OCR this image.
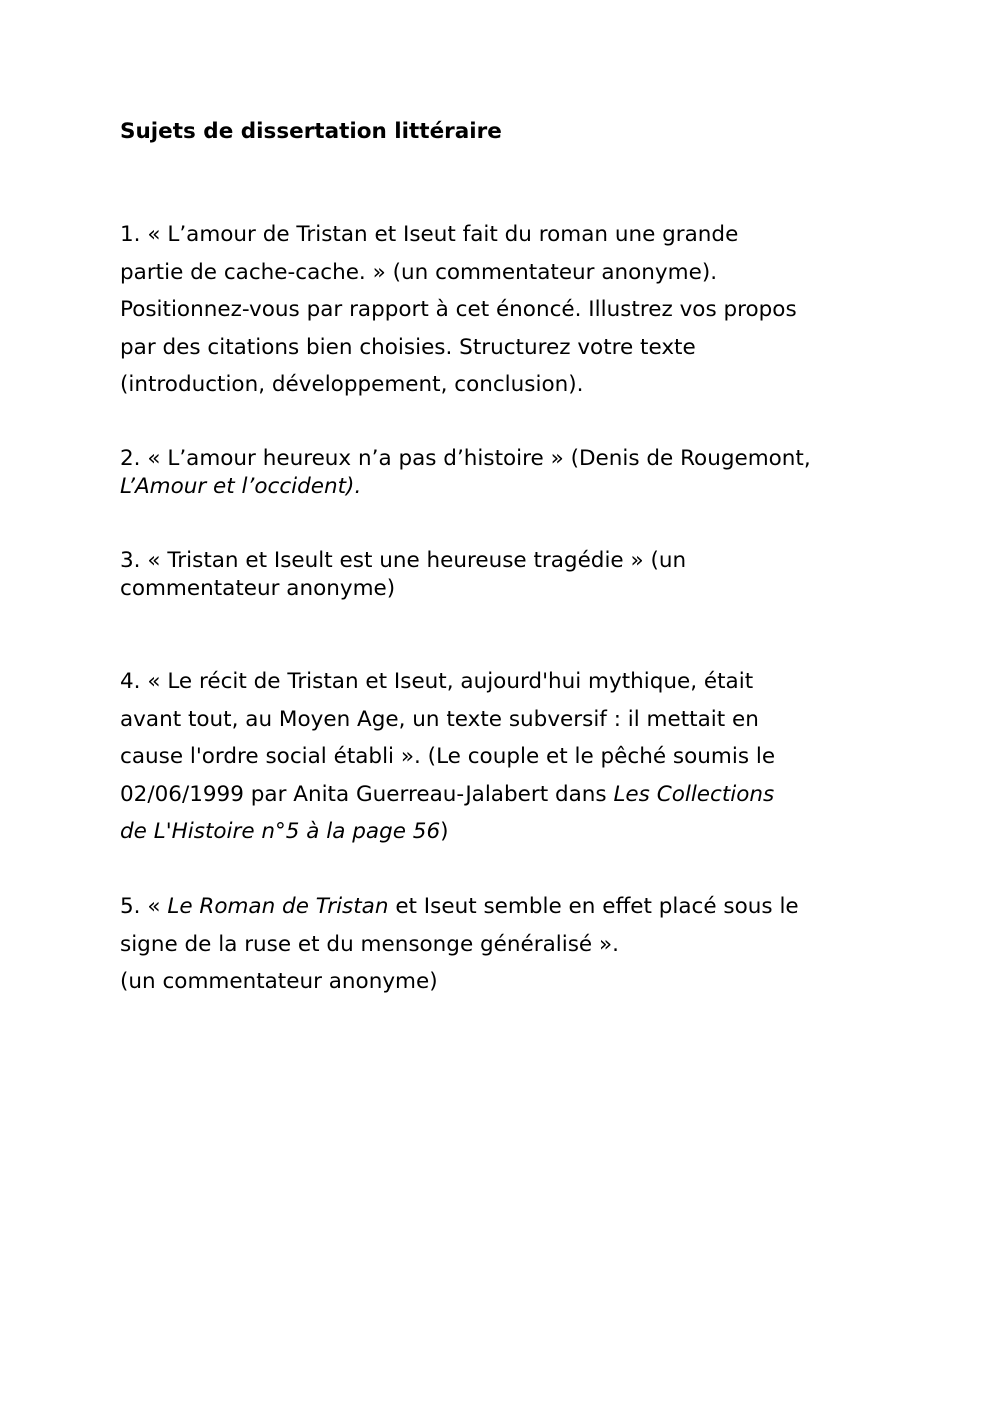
Sujets de dissertation littéraire

1. « L’amour de Tristan et Iseut fait du roman une grande
partie de cache-cache. » (un commentateur anonyme).
Positionnez-vous par rapport à cet énoncé. Illustrez vos propos
par des citations bien choisies. Structurez votre texte
(introduction, développement, conclusion).

2. « L’amour heureux n’a pas d’histoire » (Denis de Rougemont,
L’Amour et l’occident).

3. « Tristan et Iseult est une heureuse tragédie » (un
commentateur anonyme)

4. « Le récit de Tristan et Iseut, aujourd'hui mythique, était
avant tout, au Moyen Age, un texte subversif : il mettait en
cause l'ordre social établi ». (Le couple et le pêché soumis le
02/06/1999 par Anita Guerreau-Jalabert dans Les Collections
de L'Histoire n°5 à la page 56)

5. « Le Roman de Tristan et Iseut semble en effet placé sous le
signe de la ruse et du mensonge généralisé ».
(un commentateur anonyme)
